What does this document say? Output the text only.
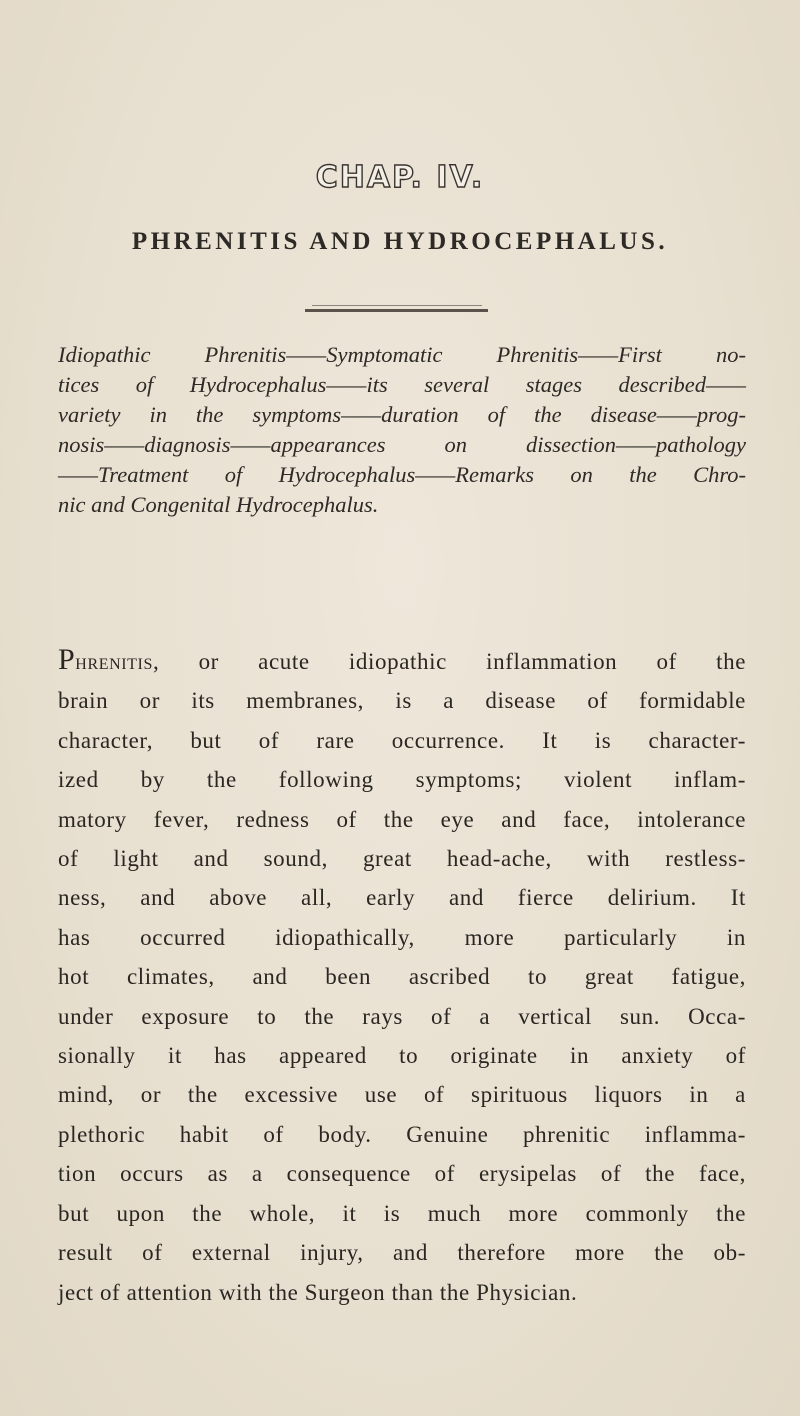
CHAP. IV.
PHRENITIS AND HYDROCEPHALUS.
Idiopathic Phrenitis——Symptomatic Phrenitis——First no-
tices of Hydrocephalus——its several stages described——
variety in the symptoms——duration of the disease——prog-
nosis——diagnosis——appearances on dissection——pathology
——Treatment of Hydrocephalus——Remarks on the Chro-
nic and Congenital Hydrocephalus.
Phrenitis, or acute idiopathic inflammation of the
brain or its membranes, is a disease of formidable
character, but of rare occurrence. It is character-
ized by the following symptoms; violent inflam-
matory fever, redness of the eye and face, intolerance
of light and sound, great head-ache, with restless-
ness, and above all, early and fierce delirium. It
has occurred idiopathically, more particularly in
hot climates, and been ascribed to great fatigue,
under exposure to the rays of a vertical sun. Occa-
sionally it has appeared to originate in anxiety of
mind, or the excessive use of spirituous liquors in a
plethoric habit of body. Genuine phrenitic inflamma-
tion occurs as a consequence of erysipelas of the face,
but upon the whole, it is much more commonly the
result of external injury, and therefore more the ob-
ject of attention with the Surgeon than the Physician.
